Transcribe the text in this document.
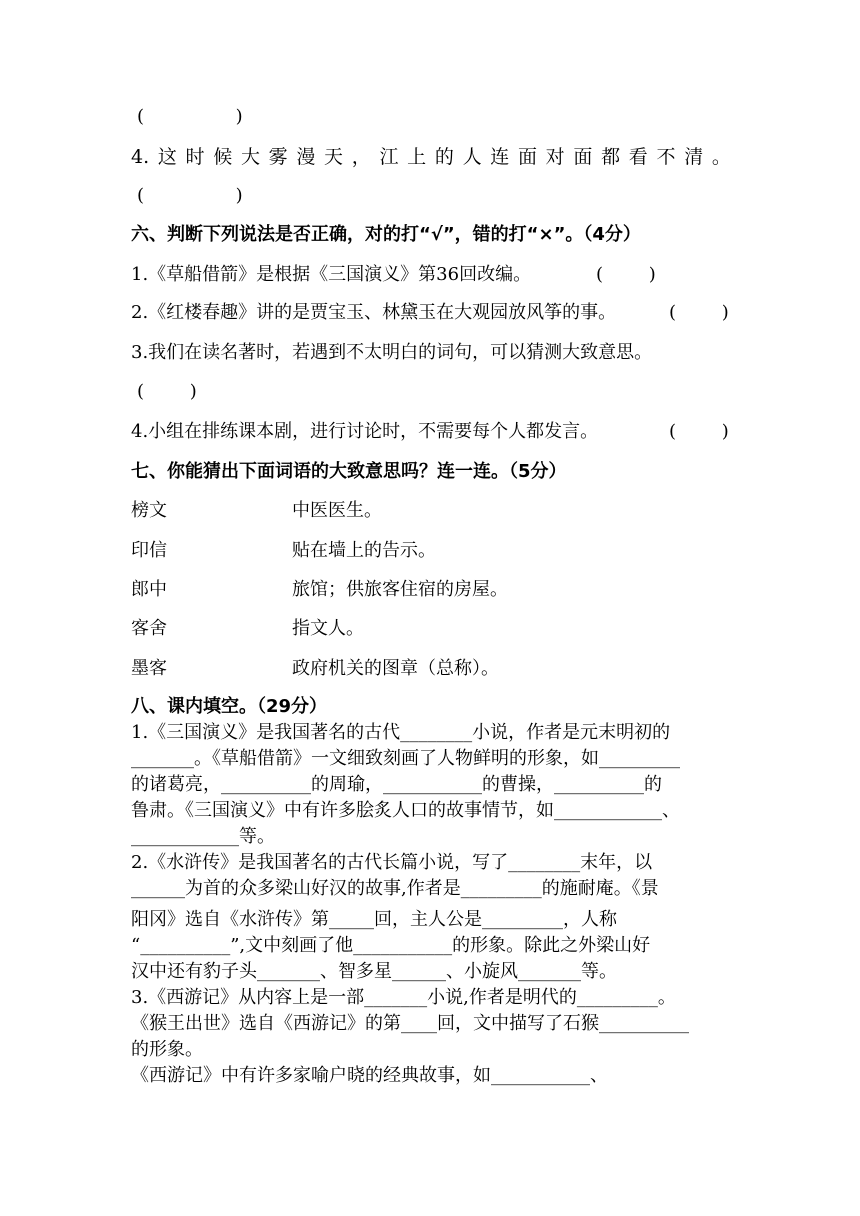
(                )
4. 这 时 候 大 雾 漫 天 ， 江 上 的 人 连 面 对 面 都 看 不 清 。
(                )
六、判断下列说法是否正确，对的打“√”，错的打“×”。（4分）
1.《草船借箭》是根据《三国演义》第36回改编。	(        )
2.《红楼春趣》讲的是贾宝玉、林黛玉在大观园放风筝的事。	(        )
3.我们在读名著时，若遇到不太明白的词句，可以猜测大致意思。
(        )
4.小组在排练课本剧，进行讨论时，不需要每个人都发言。	(        )
七、你能猜出下面词语的大致意思吗？连一连。（5分）
榜文	中医医生。
印信	贴在墙上的告示。
郎中	旅馆；供旅客住宿的房屋。
客舍	指文人。
墨客	政府机关的图章（总称）。
八、课内填空。（29分）
1.《三国演义》是我国著名的古代________小说，作者是元末明初的
_______。《草船借箭》一文细致刻画了人物鲜明的形象，如_________
的诸葛亮，__________的周瑜，___________的曹操，__________的
鲁肃。《三国演义》中有许多脍炙人口的故事情节，如____________、
____________等。
2.《水浒传》是我国著名的古代长篇小说，写了________末年，以
______为首的众多梁山好汉的故事,作者是_________的施耐庵。《景
阳冈》选自《水浒传》第_____回，主人公是_________，人称
“__________”,文中刻画了他___________的形象。除此之外梁山好
汉中还有豹子头_______、智多星______、小旋风_______等。
3.《西游记》从内容上是一部_______小说,作者是明代的_________。
《猴王出世》选自《西游记》的第____回，文中描写了石猴__________
的形象。
《西游记》中有许多家喻户晓的经典故事，如___________、
